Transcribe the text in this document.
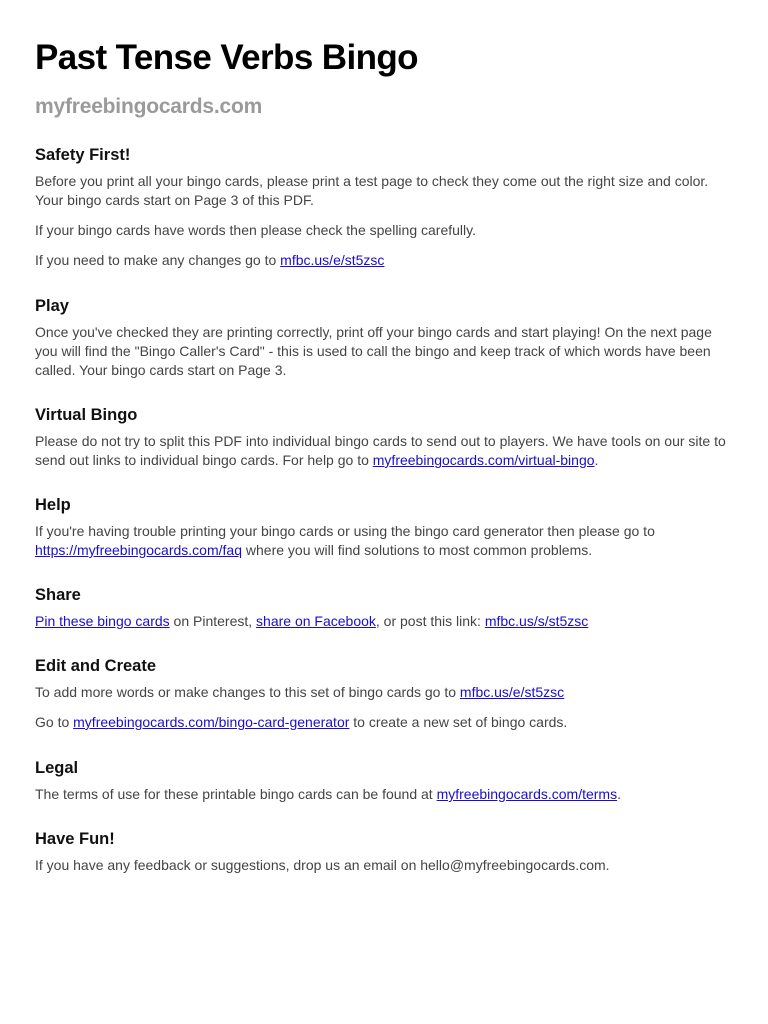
Past Tense Verbs Bingo
myfreebingocards.com
Safety First!

Before you print all your bingo cards, please print a test page to check they come out the right size and color.
Your bingo cards start on Page 3 of this PDF.

If your bingo cards have words then please check the spelling carefully.

If you need to make any changes go to mfbc.us/e/st5zsc

Play

Once you've checked they are printing correctly, print off your bingo cards and start playing! On the next page
you will find the "Bingo Caller's Card" - this is used to call the bingo and keep track of which words have been
called. Your bingo cards start on Page 3.

Virtual Bingo

Please do not try to split this PDF into individual bingo cards to send out to players. We have tools on our site to
send out links to individual bingo cards. For help go to myfreebingocards.com/virtual-bingo.

Help

If you're having trouble printing your bingo cards or using the bingo card generator then please go to
https://myfreebingocards.com/faq where you will find solutions to most common problems.

Share

Pin these bingo cards on Pinterest, share on Facebook, or post this link: mfbc.us/s/st5zsc

Edit and Create

To add more words or make changes to this set of bingo cards go to mfbc.us/e/st5zsc

Go to myfreebingocards.com/bingo-card-generator to create a new set of bingo cards.

Legal

The terms of use for these printable bingo cards can be found at myfreebingocards.com/terms.

Have Fun!

If you have any feedback or suggestions, drop us an email on hello@myfreebingocards.com.
